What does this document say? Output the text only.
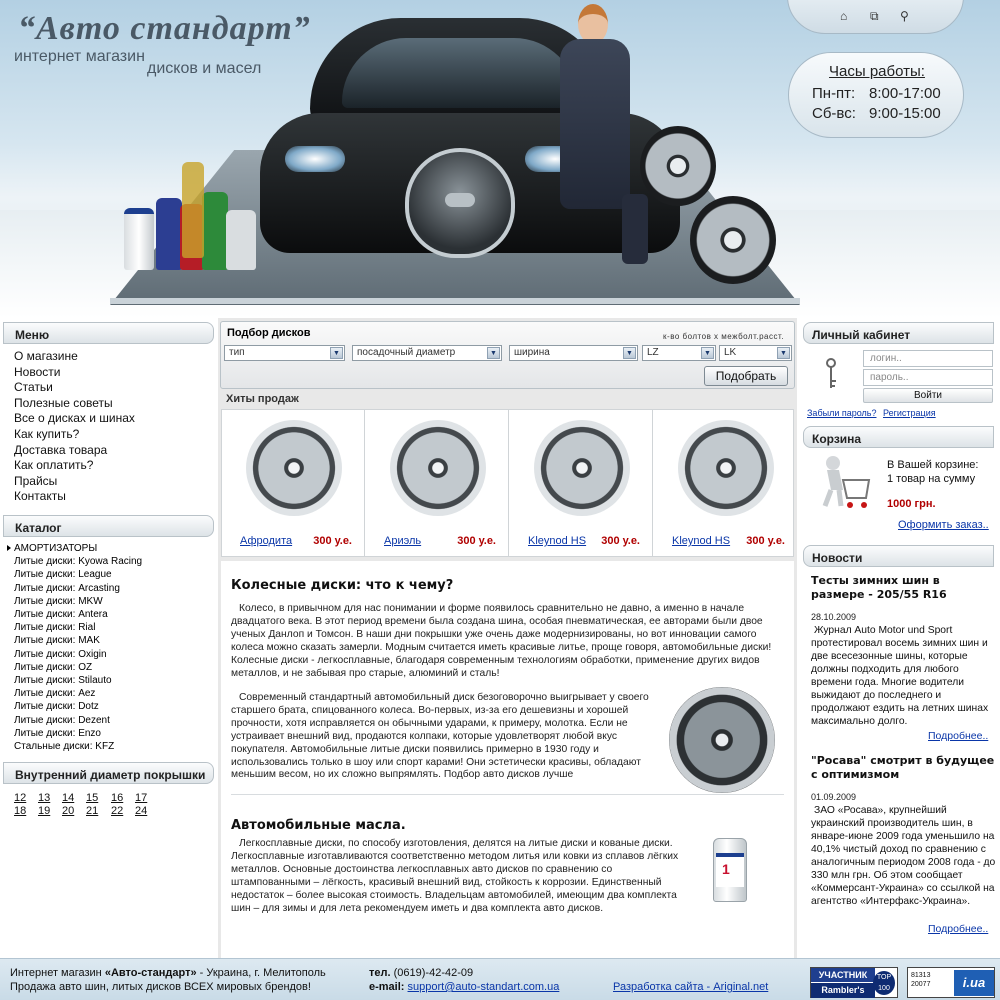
“Авто стандарт”
интернет магазин
дисков и масел
⌂ ⧉ ⚲
Часы работы:
Пн-пт: 8:00-17:00
Сб-вс: 9:00-15:00
Меню
О магазине
Новости
Статьи
Полезные советы
Все о дисках и шинах
Как купить?
Доставка товара
Как оплатить?
Прайсы
Контакты
Каталог
АМОРТИЗАТОРЫ
Литые диски: Kyowa Racing
Литые диски: League
Литые диски: Arcasting
Литые диски: MKW
Литые диски: Antera
Литые диски: Rial
Литые диски: MAK
Литые диски: Oxigin
Литые диски: OZ
Литые диски: Stilauto
Литые диски: Aez
Литые диски: Dotz
Литые диски: Dezent
Литые диски: Enzo
Стальные диски: KFZ
Внутренний диаметр покрышки
12 13 14 15 16 17
18 19 20 21 22 24
Подбор дисков	к-во болтов х межболт.расст.
тип	▼	посадочный диаметр	▼	ширина	▼	LZ	▼	LK	▼
Подобрать
Хиты продаж
Афродита 300 у.е.	Ариэль	300 у.е.	Kleynod HS 300 у.е.	Kleynod HS 300 у.е.
Колесные диски: что к чему?

Колесо, в привычном для нас понимании и форме появилось сравнительно не давно, а именно в начале двадцатого века. В этот период времени была создана шина, особая пневматическая, ее авторами были двое ученых Данлоп и Томсон. В наши дни покрышки уже очень даже модернизированы, но вот инновации самого колеса можно сказать замерли. Модным считается иметь красивые литье, проще говоря, автомобильные диски! Колесные диски - легкосплавные, благодаря современным технологиям обработки, применение других видов металлов, и не забывая про старые, алюминий и сталь!

Современный стандартный автомобильный диск безоговорочно выигрывает у своего старшего брата, спицованного колеса. Во-первых, из-за его дешевизны и хорошей прочности, хотя исправляется он обычными ударами, к примеру, молотка. Если не устраивает внешний вид, продаются колпаки, которые удовлетворят любой вкус покупателя. Автомобильные литые диски появились примерно в 1930 году и использовались только в шоу или спорт карами! Они эстетически красивы, обладают меньшим весом, но их сложно выпрямлять. Подбор авто дисков лучше

Автомобильные масла.

Легкосплавные диски, по способу изготовления, делятся на литые диски и кованые диски. Легкосплавные изготавливаются соответственно методом литья или ковки из сплавов лёгких металлов. Основные достоинства легкосплавных авто дисков по сравнению со штампованными – лёгкость, красивый внешний вид, стойкость к коррозии. Единственный недостаток – более высокая стоимость. Владельцам автомобилей, имеющим два комплекта шин – для зимы и для лета рекомендуем иметь и два комплекта авто дисков.

1
Личный кабинет
логин..
пароль..
Войти
Забыли пароль? Регистрация
Корзина
В Вашей корзине:
1 товар на сумму
1000 грн.
Оформить заказ..
Новости
Тесты зимних шин в размере - 205/55 R16
28.10.2009
Журнал Auto Motor und Sport протестировал восемь зимних шин и две всесезонные шины, которые должны подходить для любого времени года. Многие водители выжидают до последнего и продолжают ездить на летних шинах максимально долго.
Подробнее..
"Росава" смотрит в будущее с оптимизмом
01.09.2009
ЗАО «Росава», крупнейший украинский производитель шин, в январе-июне 2009 года уменьшило на 40,1% чистый доход по сравнению с аналогичным периодом 2008 года - до 330 млн грн. Об этом сообщает «Коммерсант-Украина» со ссылкой на агентство «Интерфакс-Украина».
Подробнее..
Интернет магазин «Авто-стандарт» - Украина, г. Мелитополь
Продажа авто шин, литых дисков ВСЕХ мировых брендов!
тел. (0619)-42-42-09
e-mail: support@auto-standart.com.ua	Разработка сайта - Ariginal.net
УЧАСТНИК
Rambler's
TOP 100
81313
20077	i.ua
